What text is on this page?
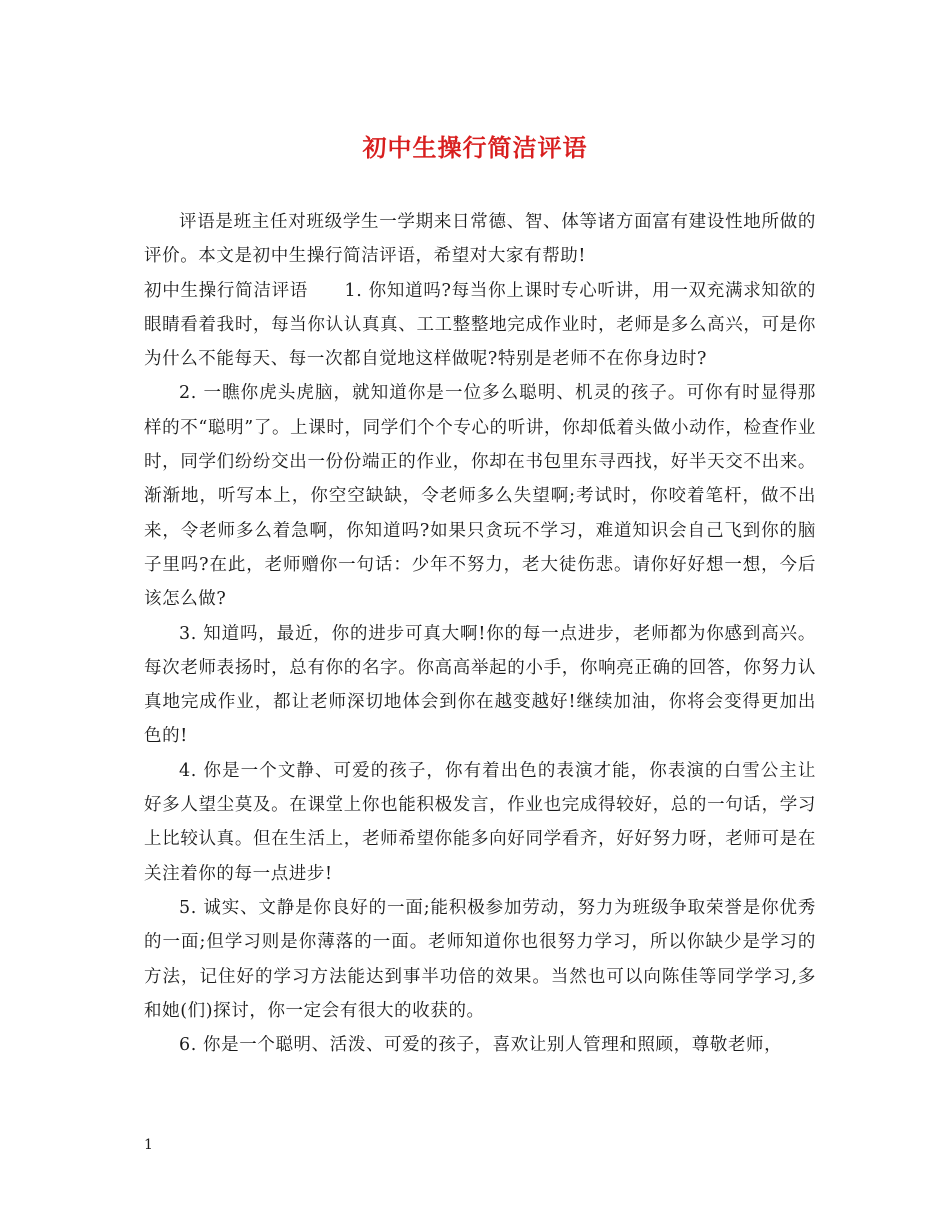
初中生操行简洁评语

评语是班主任对班级学生一学期来日常德、智、体等诸方面富有建设性地所做的评价。本文是初中生操行简洁评语，希望对大家有帮助!

初中生操行简洁评语　　1. 你知道吗?每当你上课时专心听讲，用一双充满求知欲的眼睛看着我时，每当你认认真真、工工整整地完成作业时，老师是多么高兴，可是你为什么不能每天、每一次都自觉地这样做呢?特别是老师不在你身边时?

2. 一瞧你虎头虎脑，就知道你是一位多么聪明、机灵的孩子。可你有时显得那样的不“聪明”了。上课时，同学们个个专心的听讲，你却低着头做小动作，检查作业时，同学们纷纷交出一份份端正的作业，你却在书包里东寻西找，好半天交不出来。渐渐地，听写本上，你空空缺缺，令老师多么失望啊;考试时，你咬着笔杆，做不出来，令老师多么着急啊，你知道吗?如果只贪玩不学习，难道知识会自己飞到你的脑子里吗?在此，老师赠你一句话：少年不努力，老大徒伤悲。请你好好想一想，今后该怎么做?

3. 知道吗，最近，你的进步可真大啊!你的每一点进步，老师都为你感到高兴。每次老师表扬时，总有你的名字。你高高举起的小手，你响亮正确的回答，你努力认真地完成作业，都让老师深切地体会到你在越变越好!继续加油，你将会变得更加出色的!

4. 你是一个文静、可爱的孩子，你有着出色的表演才能，你表演的白雪公主让好多人望尘莫及。在课堂上你也能积极发言，作业也完成得较好，总的一句话，学习上比较认真。但在生活上，老师希望你能多向好同学看齐，好好努力呀，老师可是在关注着你的每一点进步!

5. 诚实、文静是你良好的一面;能积极参加劳动，努力为班级争取荣誉是你优秀的一面;但学习则是你薄落的一面。老师知道你也很努力学习，所以你缺少是学习的方法，记住好的学习方法能达到事半功倍的效果。当然也可以向陈佳等同学学习,多和她(们)探讨，你一定会有很大的收获的。

6. 你是一个聪明、活泼、可爱的孩子，喜欢让别人管理和照顾，尊敬老师，

1
